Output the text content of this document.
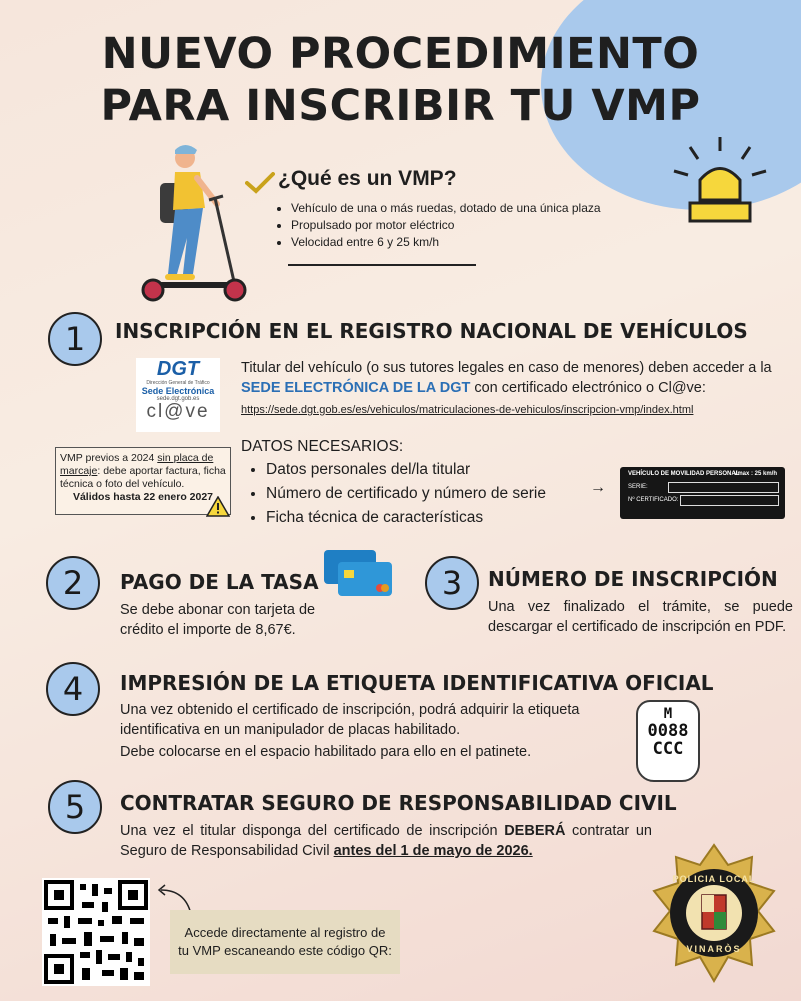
NUEVO PROCEDIMIENTO
PARA INSCRIBIR TU VMP
¿Qué es un VMP?
• Vehículo de una o más ruedas, dotado de una única plaza
• Propulsado por motor eléctrico
• Velocidad entre 6 y 25 km/h
1	INSCRIPCIÓN EN EL REGISTRO NACIONAL DE VEHÍCULOS
DGT
Dirección General de Tráfico
Sede Electrónica
sede.dgt.gob.es
cl@ve
Titular del vehículo (o sus tutores legales en caso de menores) deben acceder a la SEDE ELECTRÓNICA DE LA DGT con certificado electrónico o Cl@ve:
https://sede.dgt.gob.es/es/vehiculos/matriculaciones-de-vehiculos/inscripcion-vmp/index.html
VMP previos a 2024 sin placa de marcaje: debe aportar factura, ficha técnica o foto del vehículo.

Válidos hasta 22 enero 2027
DATOS NECESARIOS:
• Datos personales del/la titular
• Número de certificado y número de serie
• Ficha técnica de características
→
VEHÍCULO DE MOVILIDAD PERSONAL
Vmax : 25 km/h
SERIE:
Nº CERTIFICADO:
2	PAGO DE LA TASA
Se debe abonar con tarjeta de crédito el importe de 8,67€.
3	NÚMERO DE INSCRIPCIÓN
Una vez finalizado el trámite, se puede descargar el certificado de inscripción en PDF.
4	IMPRESIÓN DE LA ETIQUETA IDENTIFICATIVA OFICIAL
Una vez obtenido el certificado de inscripción, podrá adquirir la etiqueta identificativa en un manipulador de placas habilitado.
Debe colocarse en el espacio habilitado para ello en el patinete.
M
0088
CCC
5	CONTRATAR SEGURO DE RESPONSABILIDAD CIVIL
Una vez el titular disponga del certificado de inscripción DEBERÁ contratar un Seguro de Responsabilidad Civil antes del 1 de mayo de 2026.
Accede directamente al registro de tu VMP escaneando este código QR:
POLICIA LOCAL
VINARÒS
